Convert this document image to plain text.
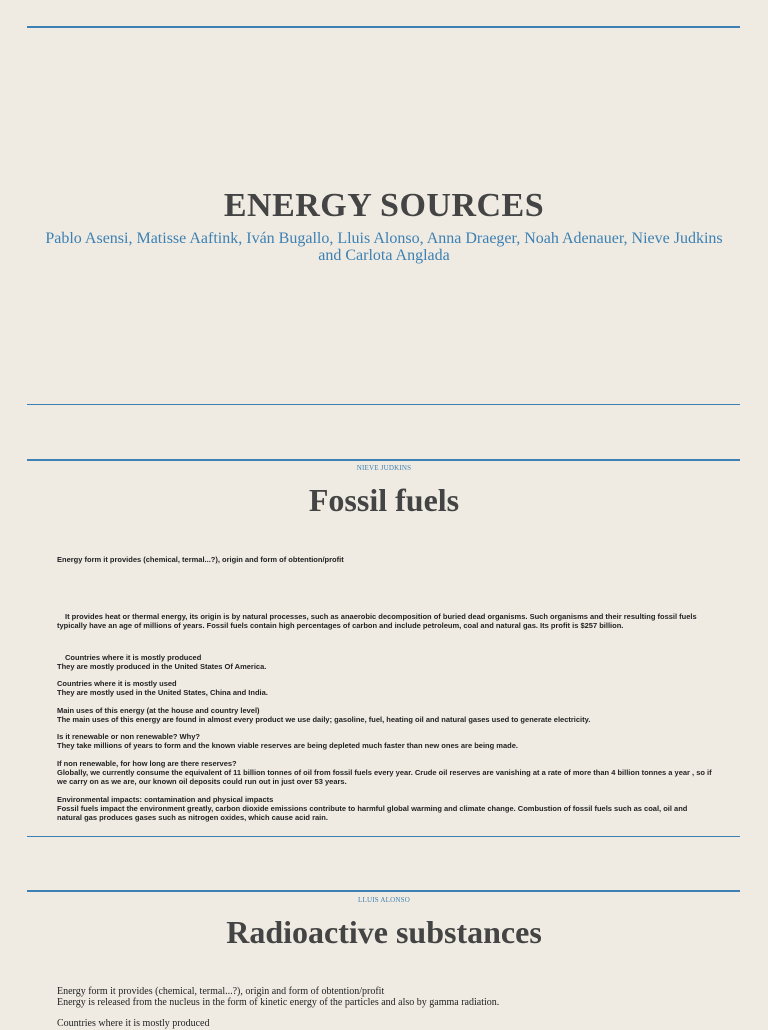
ENERGY SOURCES
Pablo Asensi, Matisse Aaftink, Iván Bugallo, Lluis Alonso, Anna Draeger, Noah Adenauer, Nieve Judkins and Carlota Anglada
NIEVE JUDKINS
Fossil fuels
Energy form it provides (chemical, termal...?), origin and form of obtention/profit
It provides heat or thermal energy, its origin is by natural processes, such as anaerobic decomposition of buried dead organisms. Such organisms and their resulting fossil fuels typically have an age of millions of years. Fossil fuels contain high percentages of carbon and include petroleum, coal and natural gas. Its profit is $257 billion.
Countries where it is mostly produced
They are mostly produced in the United States Of America.
Countries where it is mostly used
They are mostly used in the United States, China and India.
Main uses of this energy (at the house and country level)
The main uses of this energy are found in almost every product we use daily; gasoline, fuel, heating oil and natural gases used to generate electricity.
Is it renewable or non renewable? Why?
They take millions of years to form and the known viable reserves are being depleted much faster than new ones are being made.
If non renewable, for how long are there reserves?
Globally, we currently consume the equivalent of 11 billion tonnes of oil from fossil fuels every year. Crude oil reserves are vanishing at a rate of more than 4 billion tonnes a year , so if we carry on as we are, our known oil deposits could run out in just over 53 years.
Environmental impacts: contamination and physical impacts
Fossil fuels impact the environment greatly, carbon dioxide emissions contribute to harmful global warming and climate change. Combustion of fossil fuels such as coal, oil and natural gas produces gases such as nitrogen oxides, which cause acid rain.
LLUIS ALONSO
Radioactive substances
Energy form it provides (chemical, termal...?), origin and form of obtention/profit
Energy is released from the nucleus in the form of kinetic energy of the particles and also by gamma radiation.
Countries where it is mostly produced
